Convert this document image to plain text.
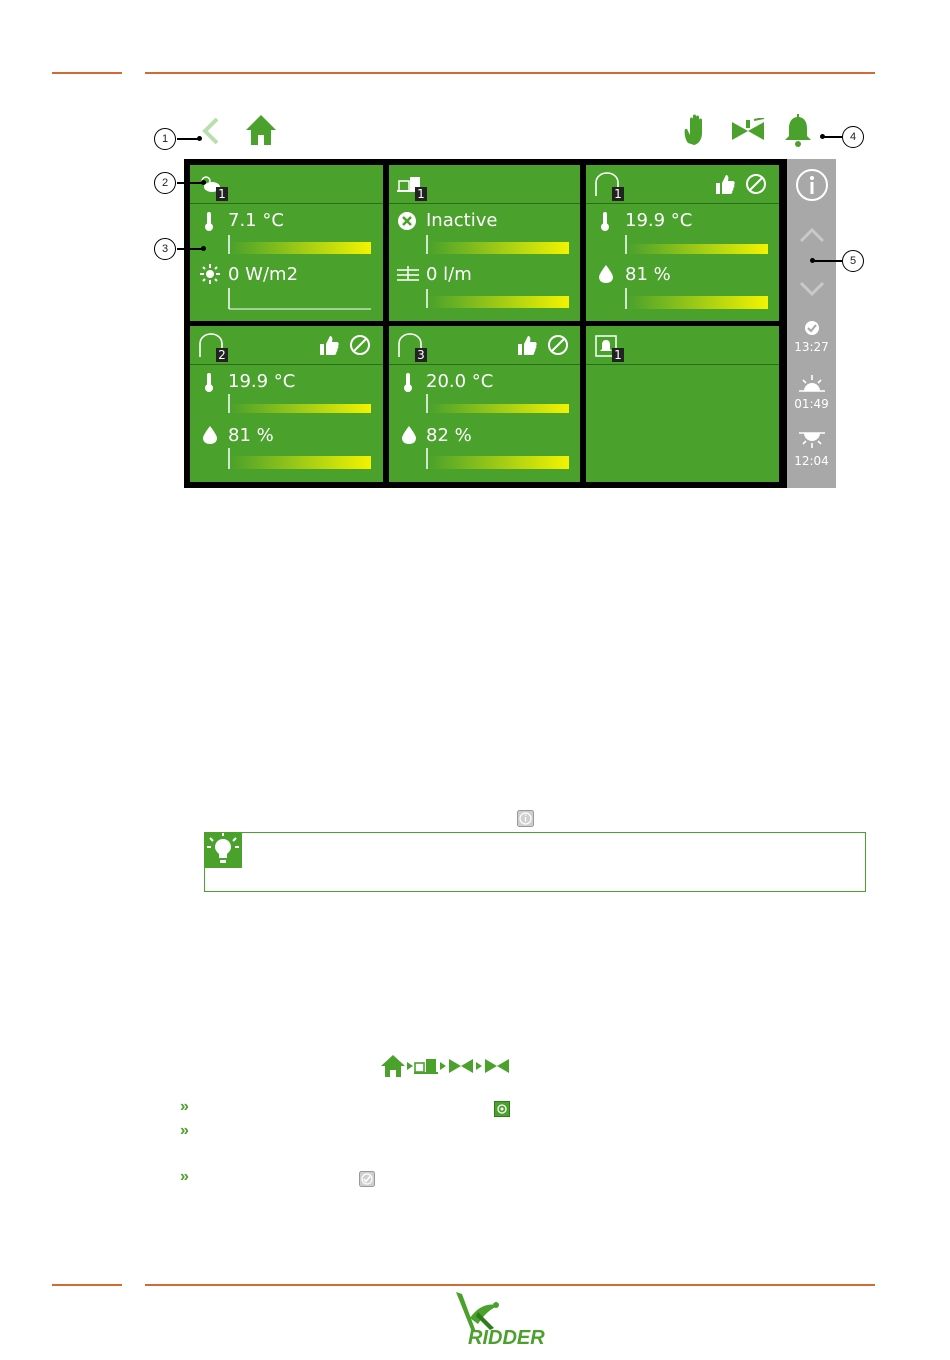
1
7.1 °C
0 W/m2
1
Inactive
0 l/m
1
19.9 °C
81 %
2
19.9 °C
81 %
3
20.0 °C
82 %
1
13:27
01:49
12:04
1
2
3
4
5
»
»
»
RIDDER
